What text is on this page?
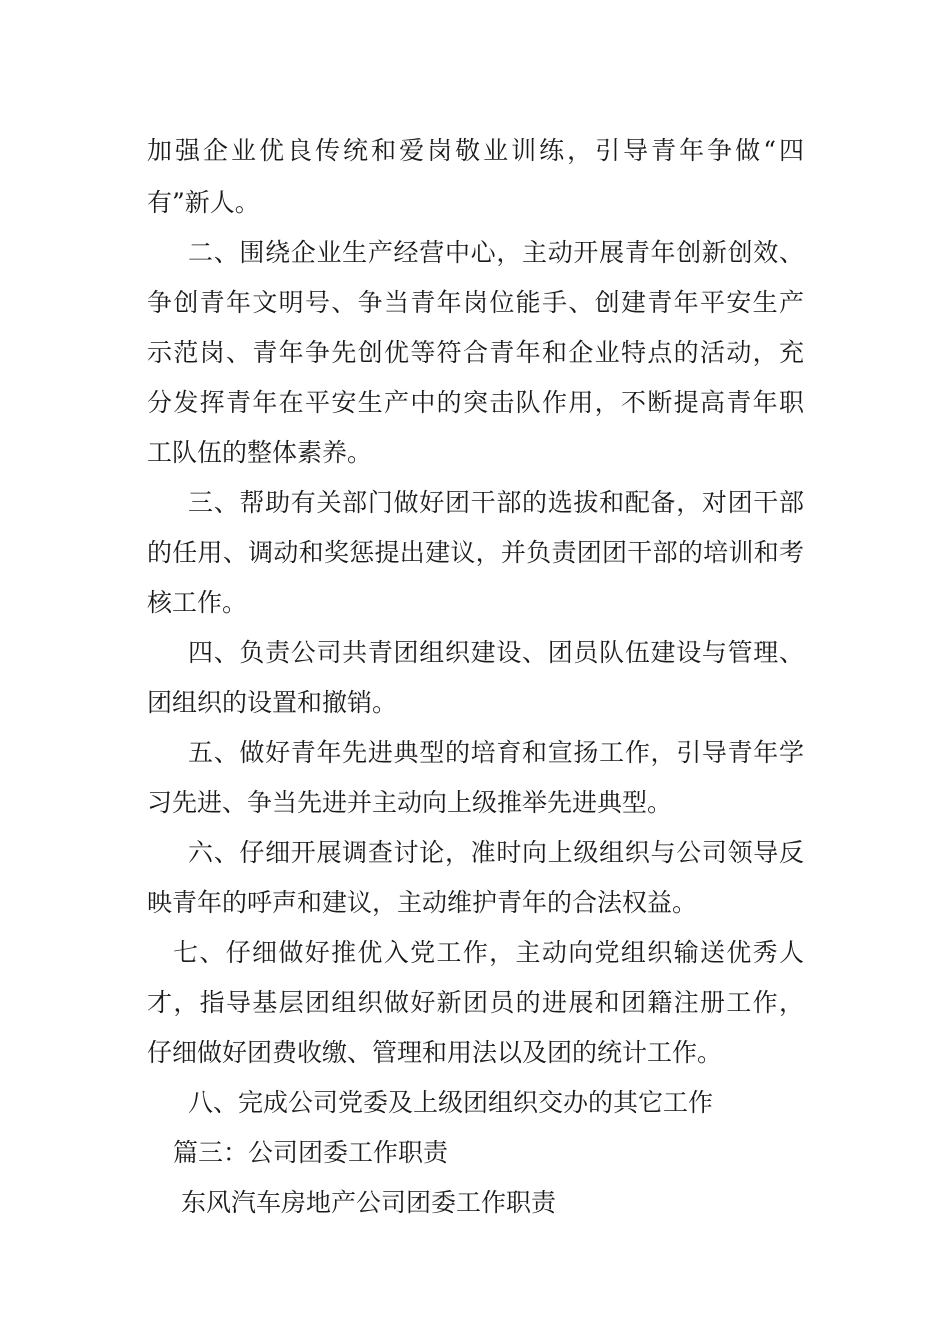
加强企业优良传统和爱岗敬业训练，引导青年争做“四
有”新人。
二、围绕企业生产经营中心，主动开展青年创新创效、
争创青年文明号、争当青年岗位能手、创建青年平安生产
示范岗、青年争先创优等符合青年和企业特点的活动，充
分发挥青年在平安生产中的突击队作用，不断提高青年职
工队伍的整体素养。
三、帮助有关部门做好团干部的选拔和配备，对团干部
的任用、调动和奖惩提出建议，并负责团团干部的培训和考
核工作。
四、负责公司共青团组织建设、团员队伍建设与管理、
团组织的设置和撤销。
五、做好青年先进典型的培育和宣扬工作，引导青年学
习先进、争当先进并主动向上级推举先进典型。
六、仔细开展调查讨论，准时向上级组织与公司领导反
映青年的呼声和建议，主动维护青年的合法权益。
七、仔细做好推优入党工作，主动向党组织输送优秀人
才，指导基层团组织做好新团员的进展和团籍注册工作，
仔细做好团费收缴、管理和用法以及团的统计工作。
八、完成公司党委及上级团组织交办的其它工作
篇三：公司团委工作职责
东风汽车房地产公司团委工作职责
